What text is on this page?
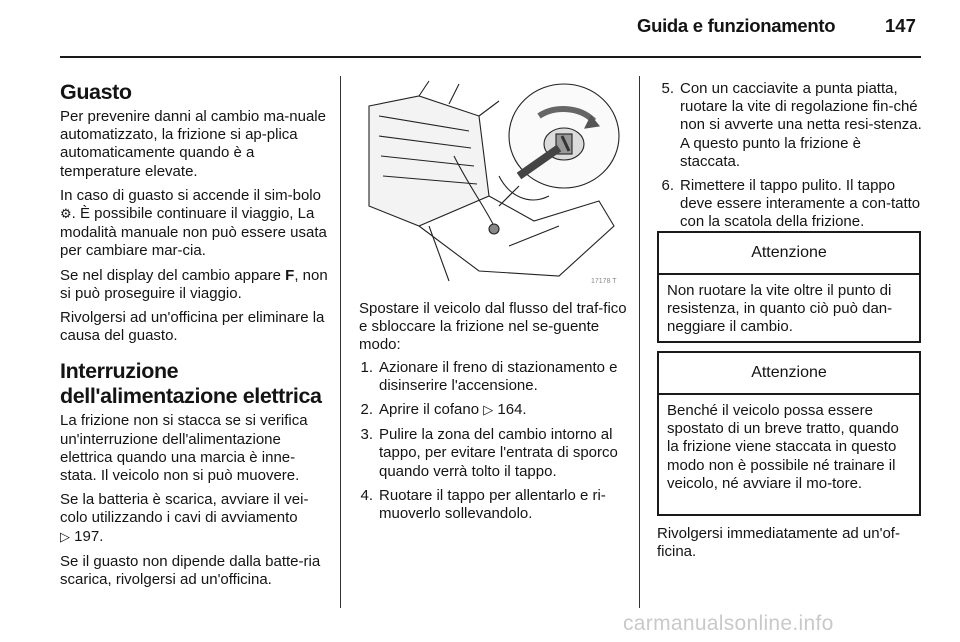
Guida e funzionamento	147
Guasto

Per prevenire danni al cambio ma-nuale automatizzato, la frizione si ap-plica automaticamente quando è a temperature elevate.

In caso di guasto si accende il sim-bolo ⚙. È possibile continuare il viaggio, La modalità manuale non può essere usata per cambiare mar-cia.

Se nel display del cambio appare F, non si può proseguire il viaggio.

Rivolgersi ad un'officina per eliminare la causa del guasto.

Interruzione
dell'alimentazione elettrica

La frizione non si stacca se si verifica un'interruzione dell'alimentazione elettrica quando una marcia è inne-stata. Il veicolo non si può muovere.

Se la batteria è scarica, avviare il vei-colo utilizzando i cavi di avviamento
▷ 197.

Se il guasto non dipende dalla batte-ria scarica, rivolgersi ad un'officina.

17178 T

Spostare il veicolo dal flusso del traf-fico e sbloccare la frizione nel se-guente modo:

1. Azionare il freno di stazionamento e disinserire l'accensione.
2. Aprire il cofano ▷ 164.
3. Pulire la zona del cambio intorno al tappo, per evitare l'entrata di sporco quando verrà tolto il tappo.
4. Ruotare il tappo per allentarlo e ri-muoverlo sollevandolo.
5. Con un cacciavite a punta piatta, ruotare la vite di regolazione fin-ché non si avverte una netta resi-stenza. A questo punto la frizione è staccata.
6. Rimettere il tappo pulito. Il tappo deve essere interamente a con-tatto con la scatola della frizione.
Attenzione
Non ruotare la vite oltre il punto di resistenza, in quanto ciò può dan-neggiare il cambio.
Attenzione
Benché il veicolo possa essere spostato di un breve tratto, quando la frizione viene staccata in questo modo non è possibile né trainare il veicolo, né avviare il mo-tore.

Rivolgersi immediatamente ad un'of-ficina.

carmanualsonline.info
